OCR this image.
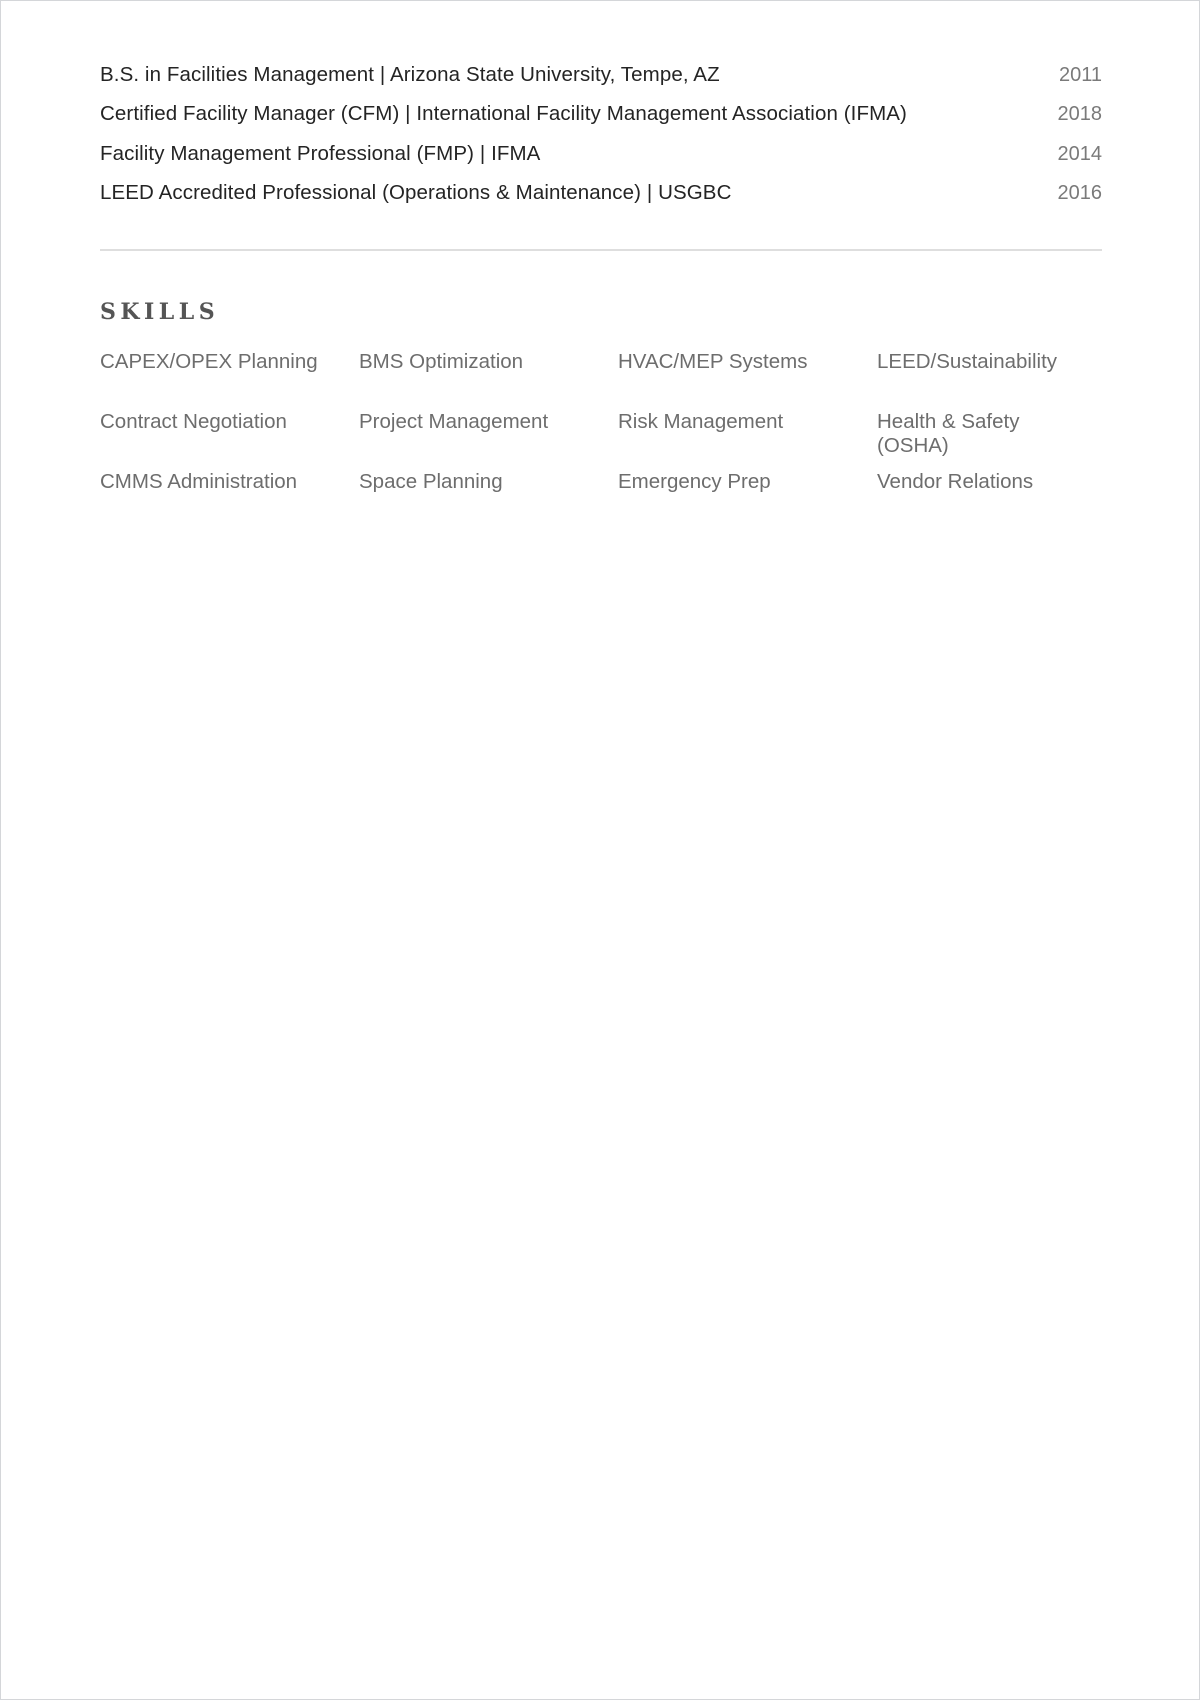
B.S. in Facilities Management | Arizona State University, Tempe, AZ	2011
Certified Facility Manager (CFM) | International Facility Management Association (IFMA)	2018
Facility Management Professional (FMP) | IFMA	2014
LEED Accredited Professional (Operations & Maintenance) | USGBC	2016
SKILLS
CAPEX/OPEX Planning	BMS Optimization	HVAC/MEP Systems	LEED/Sustainability
Contract Negotiation	Project Management	Risk Management	Health & Safety (OSHA)
CMMS Administration	Space Planning	Emergency Prep	Vendor Relations
